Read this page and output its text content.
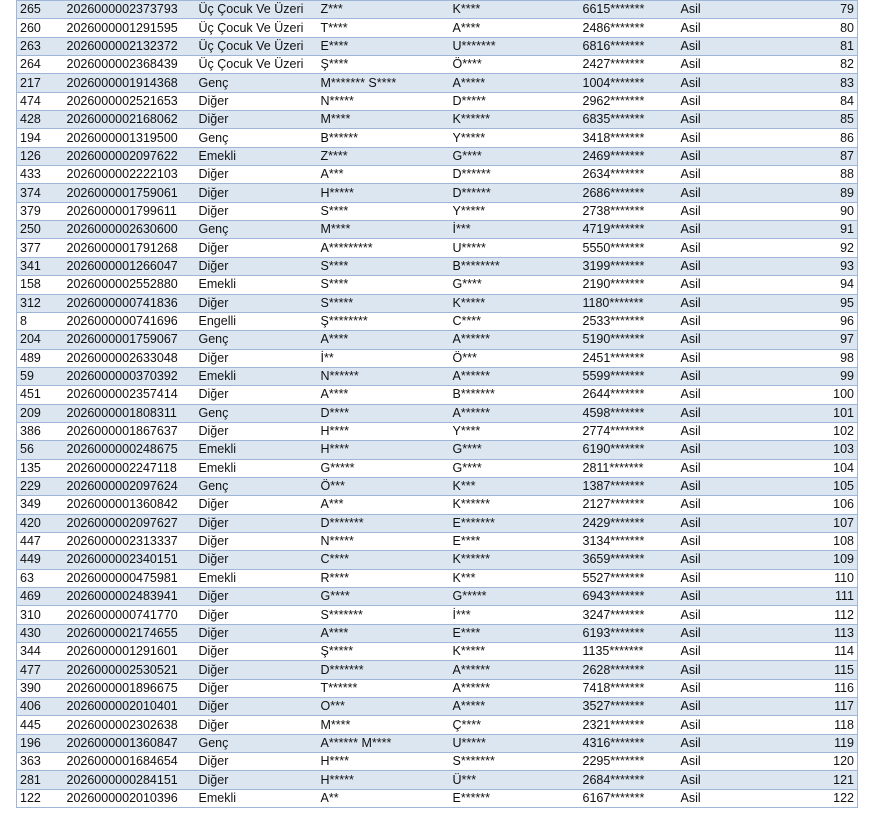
265	2026000002373793	Üç Çocuk Ve Üzeri	Z***	K****	6615*******	Asil	79
260	2026000001291595	Üç Çocuk Ve Üzeri	T****	A****	2486*******	Asil	80
263	2026000002132372	Üç Çocuk Ve Üzeri	E****	U*******	6816*******	Asil	81
264	2026000002368439	Üç Çocuk Ve Üzeri	Ş****	Ö****	2427*******	Asil	82
217	2026000001914368	Genç	M******* S****	A*****	1004*******	Asil	83
474	2026000002521653	Diğer	N*****	D*****	2962*******	Asil	84
428	2026000002168062	Diğer	M****	K******	6835*******	Asil	85
194	2026000001319500	Genç	B******	Y*****	3418*******	Asil	86
126	2026000002097622	Emekli	Z****	G****	2469*******	Asil	87
433	2026000002222103	Diğer	A***	D******	2634*******	Asil	88
374	2026000001759061	Diğer	H*****	D******	2686*******	Asil	89
379	2026000001799611	Diğer	S****	Y*****	2738*******	Asil	90
250	2026000002630600	Genç	M****	İ***	4719*******	Asil	91
377	2026000001791268	Diğer	A*********	U*****	5550*******	Asil	92
341	2026000001266047	Diğer	S****	B********	3199*******	Asil	93
158	2026000002552880	Emekli	S****	G****	2190*******	Asil	94
312	2026000000741836	Diğer	S*****	K*****	1180*******	Asil	95
8	2026000000741696	Engelli	Ş********	C****	2533*******	Asil	96
204	2026000001759067	Genç	A****	A******	5190*******	Asil	97
489	2026000002633048	Diğer	İ**	Ö***	2451*******	Asil	98
59	2026000000370392	Emekli	N******	A******	5599*******	Asil	99
451	2026000002357414	Diğer	A****	B*******	2644*******	Asil	100
209	2026000001808311	Genç	D****	A******	4598*******	Asil	101
386	2026000001867637	Diğer	H****	Y****	2774*******	Asil	102
56	2026000000248675	Emekli	H****	G****	6190*******	Asil	103
135	2026000002247118	Emekli	G*****	G****	2811*******	Asil	104
229	2026000002097624	Genç	Ö***	K***	1387*******	Asil	105
349	2026000001360842	Diğer	A***	K******	2127*******	Asil	106
420	2026000002097627	Diğer	D*******	E*******	2429*******	Asil	107
447	2026000002313337	Diğer	N*****	E****	3134*******	Asil	108
449	2026000002340151	Diğer	C****	K******	3659*******	Asil	109
63	2026000000475981	Emekli	R****	K***	5527*******	Asil	110
469	2026000002483941	Diğer	G****	G*****	6943*******	Asil	111
310	2026000000741770	Diğer	S*******	İ***	3247*******	Asil	112
430	2026000002174655	Diğer	A****	E****	6193*******	Asil	113
344	2026000001291601	Diğer	Ş*****	K*****	1135*******	Asil	114
477	2026000002530521	Diğer	D*******	A******	2628*******	Asil	115
390	2026000001896675	Diğer	T******	A******	7418*******	Asil	116
406	2026000002010401	Diğer	O***	A*****	3527*******	Asil	117
445	2026000002302638	Diğer	M****	Ç****	2321*******	Asil	118
196	2026000001360847	Genç	A****** M****	U*****	4316*******	Asil	119
363	2026000001684654	Diğer	H****	S*******	2295*******	Asil	120
281	2026000000284151	Diğer	H*****	Ü***	2684*******	Asil	121
122	2026000002010396	Emekli	A**	E******	6167*******	Asil	122
